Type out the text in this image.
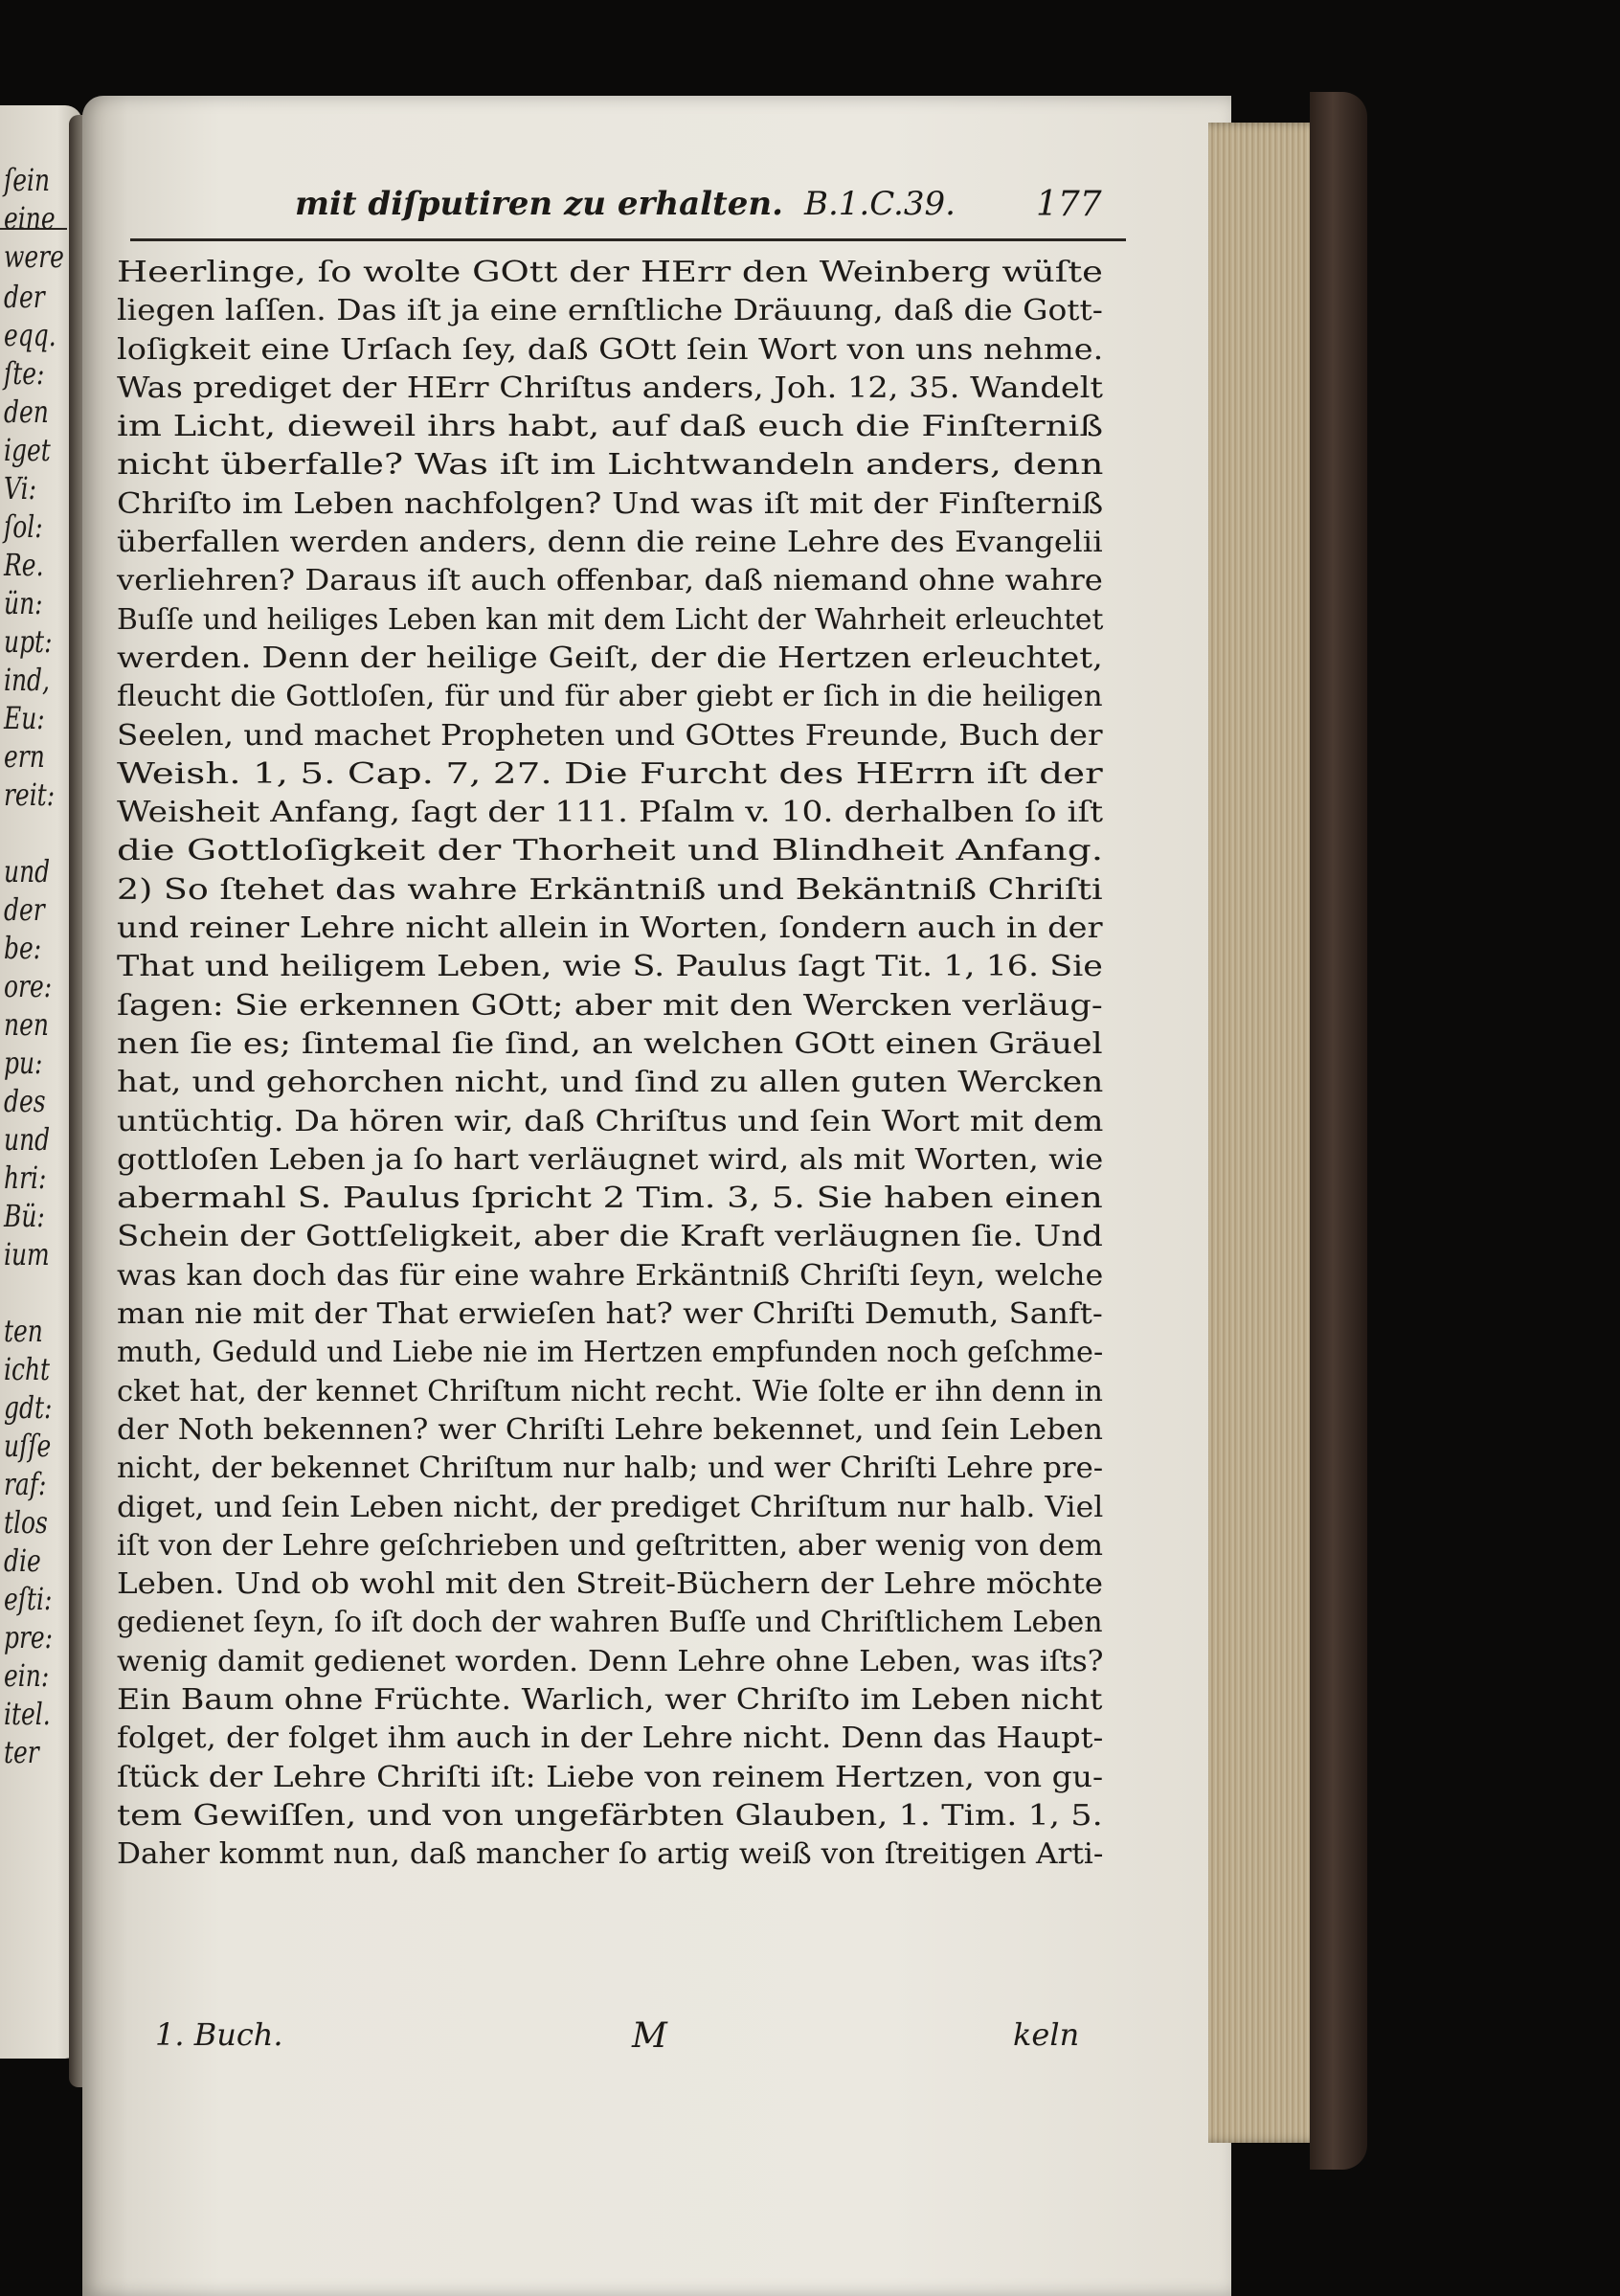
ſein
eine
were
der
eqq.
ſte:
den
iget
Vi:
ſol:
Re.
ün:
upt:
ind,
Eu:
ern
reit:
und
der
be:
ore:
nen
pu:
des
und
hri:
Bü:
ium
ten
icht
gdt:
uſſe
raf:
tlos
die
eſti:
pre:
ein:
itel.
ter
mit diſputiren zu erhalten. B.1.C.39. 177
Heerlinge, ſo wolte GOtt der HErr den Weinberg wüſte
liegen laſſen. Das iſt ja eine ernſtliche Dräuung, daß die Gott-
loſigkeit eine Urſach ſey, daß GOtt ſein Wort von uns nehme.
Was prediget der HErr Chriſtus anders, Joh. 12, 35. Wandelt
im Licht, dieweil ihrs habt, auf daß euch die Finſterniß
nicht überfalle? Was iſt im Lichtwandeln anders, denn
Chriſto im Leben nachfolgen? Und was iſt mit der Finſterniß
überfallen werden anders, denn die reine Lehre des Evangelii
verliehren? Daraus iſt auch offenbar, daß niemand ohne wahre
Buſſe und heiliges Leben kan mit dem Licht der Wahrheit erleuchtet
werden. Denn der heilige Geiſt, der die Hertzen erleuchtet,
fleucht die Gottloſen, für und für aber giebt er ſich in die heiligen
Seelen, und machet Propheten und GOttes Freunde, Buch der
Weish. 1, 5. Cap. 7, 27. Die Furcht des HErrn iſt der
Weisheit Anfang, ſagt der 111. Pſalm v. 10. derhalben ſo iſt
die Gottloſigkeit der Thorheit und Blindheit Anfang.
2) So ſtehet das wahre Erkäntniß und Bekäntniß Chriſti
und reiner Lehre nicht allein in Worten, ſondern auch in der
That und heiligem Leben, wie S. Paulus ſagt Tit. 1, 16. Sie
ſagen: Sie erkennen GOtt; aber mit den Wercken verläug-
nen ſie es; ſintemal ſie ſind, an welchen GOtt einen Gräuel
hat, und gehorchen nicht, und ſind zu allen guten Wercken
untüchtig. Da hören wir, daß Chriſtus und ſein Wort mit dem
gottloſen Leben ja ſo hart verläugnet wird, als mit Worten, wie
abermahl S. Paulus ſpricht 2 Tim. 3, 5. Sie haben einen
Schein der Gottſeligkeit, aber die Kraft verläugnen ſie. Und
was kan doch das für eine wahre Erkäntniß Chriſti ſeyn, welche
man nie mit der That erwieſen hat? wer Chriſti Demuth, Sanft-
muth, Geduld und Liebe nie im Hertzen empfunden noch geſchme-
cket hat, der kennet Chriſtum nicht recht. Wie ſolte er ihn denn in
der Noth bekennen? wer Chriſti Lehre bekennet, und ſein Leben
nicht, der bekennet Chriſtum nur halb; und wer Chriſti Lehre pre-
diget, und ſein Leben nicht, der prediget Chriſtum nur halb. Viel
iſt von der Lehre geſchrieben und geſtritten, aber wenig von dem
Leben. Und ob wohl mit den Streit-Büchern der Lehre möchte
gedienet ſeyn, ſo iſt doch der wahren Buſſe und Chriſtlichem Leben
wenig damit gedienet worden. Denn Lehre ohne Leben, was iſts?
Ein Baum ohne Früchte. Warlich, wer Chriſto im Leben nicht
folget, der folget ihm auch in der Lehre nicht. Denn das Haupt-
ſtück der Lehre Chriſti iſt: Liebe von reinem Hertzen, von gu-
tem Gewiſſen, und von ungefärbten Glauben, 1. Tim. 1, 5.
Daher kommt nun, daß mancher ſo artig weiß von ſtreitigen Arti-
1. Buch.	M	keln
